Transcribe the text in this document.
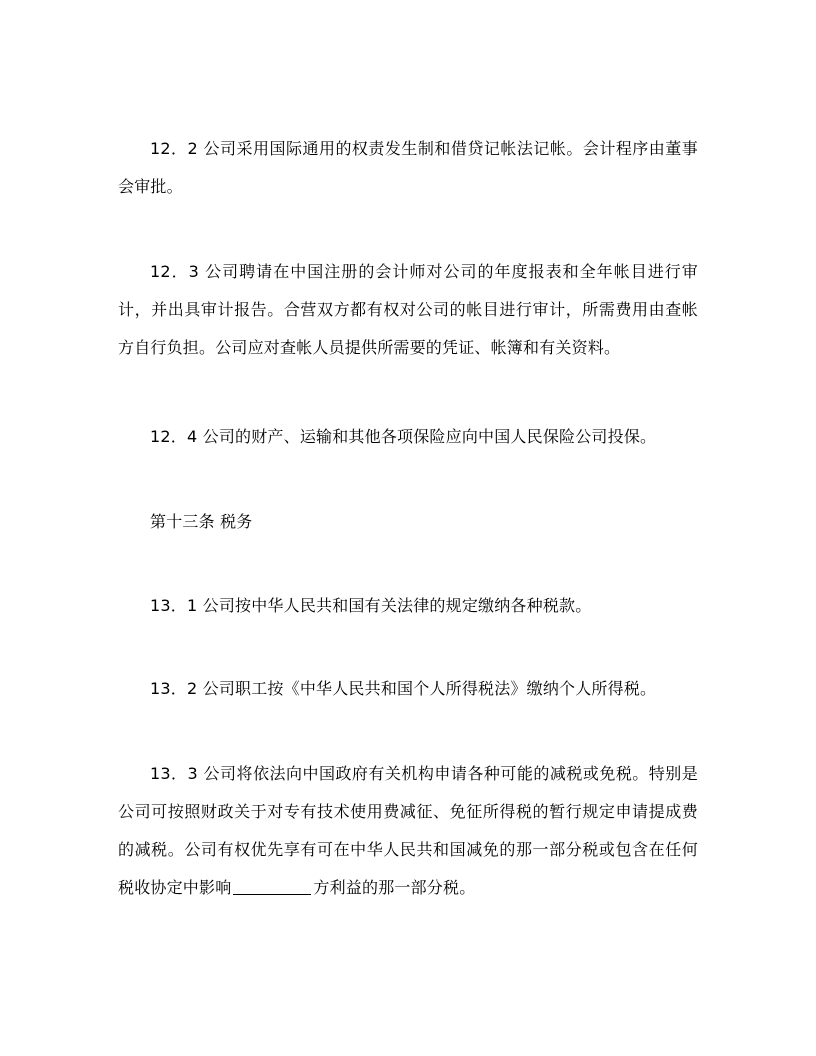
12．2 公司采用国际通用的权责发生制和借贷记帐法记帐。会计程序由董事会审批。

12．3 公司聘请在中国注册的会计师对公司的年度报表和全年帐目进行审计，并出具审计报告。合营双方都有权对公司的帐目进行审计，所需费用由查帐方自行负担。公司应对查帐人员提供所需要的凭证、帐簿和有关资料。

12．4 公司的财产、运输和其他各项保险应向中国人民保险公司投保。

第十三条 税务

13．1 公司按中华人民共和国有关法律的规定缴纳各种税款。

13．2 公司职工按《中华人民共和国个人所得税法》缴纳个人所得税。

13．3 公司将依法向中国政府有关机构申请各种可能的减税或免税。特别是公司可按照财政关于对专有技术使用费减征、免征所得税的暂行规定申请提成费的减税。公司有权优先享有可在中华人民共和国减免的那一部分税或包含在任何税收协定中影响	方利益的那一部分税。
